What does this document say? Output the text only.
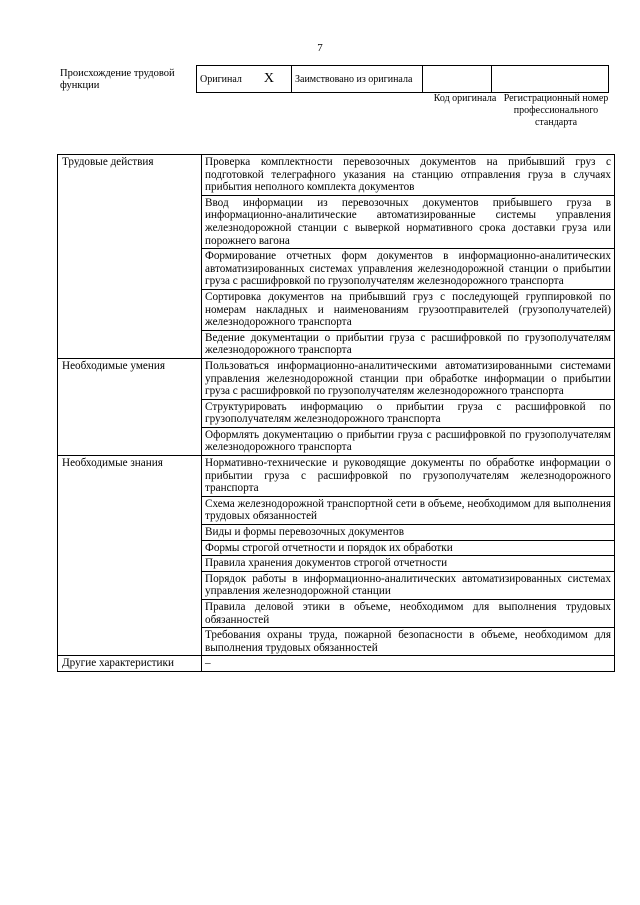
7
Происхождение трудовой функции
Оригинал X	Заимствовано из оригинала		
Код оригинала Регистрационный номер профессионального стандарта
Трудовые действия	Проверка комплектности перевозочных документов на прибывший груз с подготовкой телеграфного указания на станцию отправления груза в случаях прибытия неполного комплекта документов
	Ввод информации из перевозочных документов прибывшего груза в информационно-аналитические автоматизированные системы управления железнодорожной станции с выверкой нормативного срока доставки груза или порожнего вагона
	Формирование отчетных форм документов в информационно-аналитических автоматизированных системах управления железнодорожной станции о прибытии груза с расшифровкой по грузополучателям железнодорожного транспорта
	Сортировка документов на прибывший груз с последующей группировкой по номерам накладных и наименованиям грузоотправителей (грузополучателей) железнодорожного транспорта
	Ведение документации о прибытии груза с расшифровкой по грузополучателям железнодорожного транспорта
Необходимые умения	Пользоваться информационно-аналитическими автоматизированными системами управления железнодорожной станции при обработке информации о прибытии груза с расшифровкой по грузополучателям железнодорожного транспорта
	Структурировать информацию о прибытии груза с расшифровкой по грузополучателям железнодорожного транспорта
	Оформлять документацию о прибытии груза с расшифровкой по грузополучателям железнодорожного транспорта
Необходимые знания	Нормативно-технические и руководящие документы по обработке информации о прибытии груза с расшифровкой по грузополучателям железнодорожного транспорта
	Схема железнодорожной транспортной сети в объеме, необходимом для выполнения трудовых обязанностей
	Виды и формы перевозочных документов
	Формы строгой отчетности и порядок их обработки
	Правила хранения документов строгой отчетности
	Порядок работы в информационно-аналитических автоматизированных системах управления железнодорожной станции
	Правила деловой этики в объеме, необходимом для выполнения трудовых обязанностей
	Требования охраны труда, пожарной безопасности в объеме, необходимом для выполнения трудовых обязанностей
Другие характеристики	–
